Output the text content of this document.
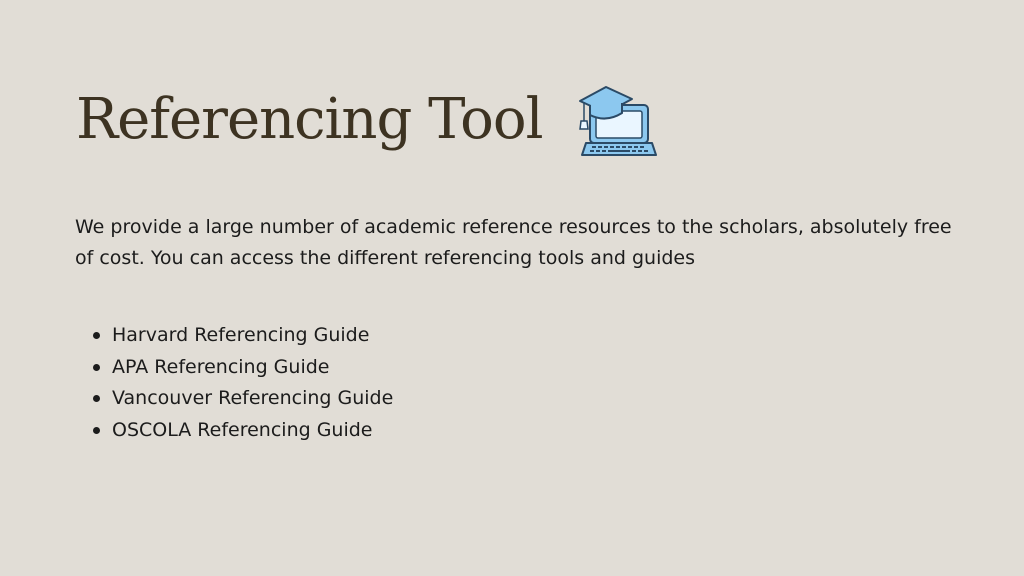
Referencing Tool

We provide a large number of academic reference resources to the scholars, absolutely free of cost. You can access the different referencing tools and guides

Harvard Referencing Guide
APA Referencing Guide
Vancouver Referencing Guide
OSCOLA Referencing Guide
